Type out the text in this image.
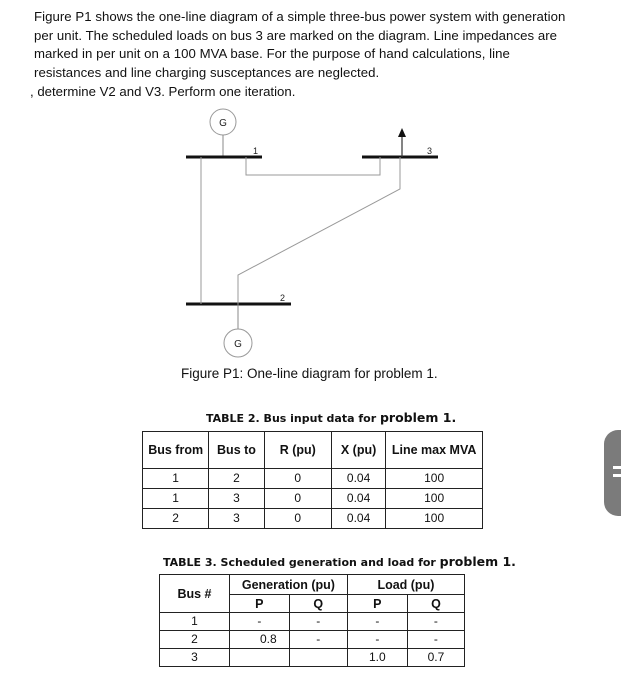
Figure P1 shows the one-line diagram of a simple three-bus power system with generation
per unit. The scheduled loads on bus 3 are marked on the diagram. Line impedances are
marked in per unit on a 100 MVA base. For the purpose of hand calculations, line
resistances and line charging susceptances are neglected.
, determine V2 and V3. Perform one iteration.
G
1	3
2
G
Figure P1: One-line diagram for problem 1.
TABLE 2. Bus input data for problem 1.
Bus from	Bus to	R (pu)	X (pu)	Line max MVA
1	2	0	0.04	100
1	3	0	0.04	100
2	3	0	0.04	100
TABLE 3. Scheduled generation and load for problem 1.
Bus #	Generation (pu)		Load (pu)	
	P	Q	P	Q
1	-	-	-	-
2	0.8	-	-	-
3			1.0	0.7
